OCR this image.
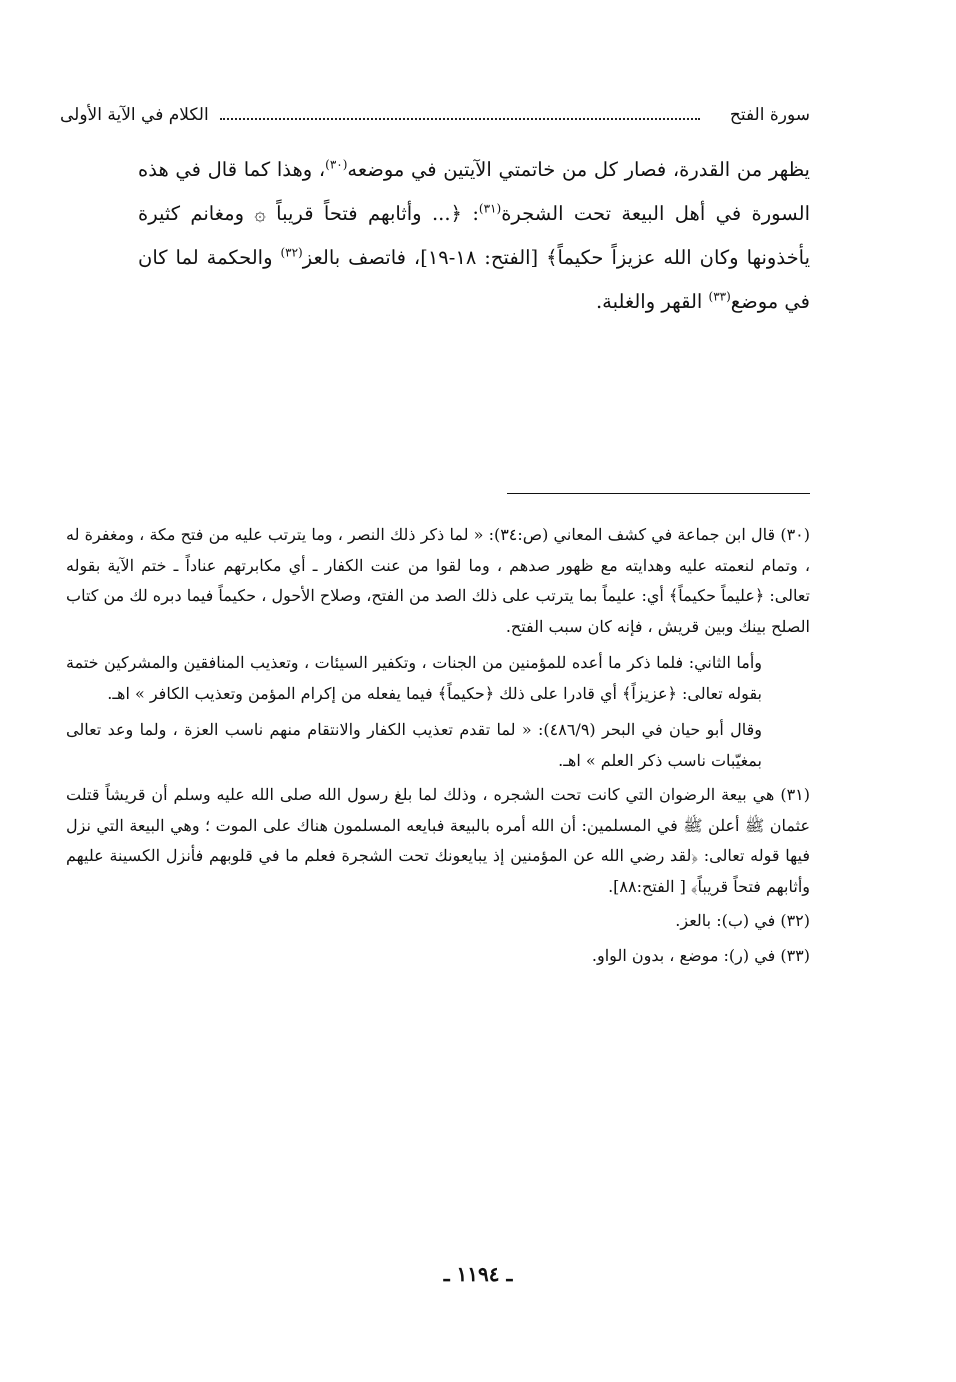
سورة الفتح
الكلام في الآية الأولى

يظهر من القدرة، فصار كل من خاتمتي الآيتين في موضعه$^{(٣٠)}$، وهذا كما قال في هذه السورة في أهل البيعة تحت الشجرة$^{(٣١)}$: ﴿... وأثابهم فتحاً قريباً ۞ ومغانم كثيرة يأخذونها وكان الله عزيزاً حكيماً﴾ [الفتح: ١٨-١٩]، فاتصف بالعز$^{(٣٢)}$ والحكمة لما كان في موضع$^{(٣٣)}$ القهر والغلبة.

(٣٠) قال ابن جماعة في كشف المعاني (ص:٣٤): « لما ذكر ذلك النصر ، وما يترتب عليه من فتح مكة ، ومغفرة له ، وتمام لنعمته عليه وهدايته مع ظهور صدهم ، وما لقوا من عنت الكفار ـ أي مكابرتهم عناداً ـ ختم الآية بقوله تعالى: ﴿عليماً حكيماً﴾ أي: عليماً بما يترتب على ذلك الصد من الفتح، وصلاح الأحول ، حكيماً فيما دبره لك من كتاب الصلح بينك وبين قريش ، فإنه كان سبب الفتح.

وأما الثاني: فلما ذكر ما أعده للمؤمنين من الجنات ، وتكفير السيئات ، وتعذيب المنافقين والمشركين ختمة بقوله تعالى: ﴿عزيزاً﴾ أي قادرا على ذلك ﴿حكيماً﴾ فيما يفعله من إكرام المؤمن وتعذيب الكافر » اهـ.

وقال أبو حيان في البحر (٤٨٦/٩): « لما تقدم تعذيب الكفار والانتقام منهم ناسب العزة ، ولما وعد تعالى بمغيّبات ناسب ذكر العلم » اهـ.

(٣١) هي بيعة الرضوان التي كانت تحت الشجره ، وذلك لما بلغ رسول الله صلى الله عليه وسلم أن قريشاً قتلت عثمان ﷺ أعلن ﷺ في المسلمين: أن الله أمره بالبيعة فبايعه المسلمون هناك على الموت ؛ وهي البيعة التي نزل فيها قوله تعالى: ﴿لقد رضي الله عن المؤمنين إذ يبايعونك تحت الشجرة فعلم ما في قلوبهم فأنزل الكسينة عليهم وأثابهم فتحاً قريباً﴾ [ الفتح:٨٨].

(٣٢) في (ب): بالعز.

(٣٣) في (ر): موضع ، بدون الواو.

ـ ١١٩٤ ـ
